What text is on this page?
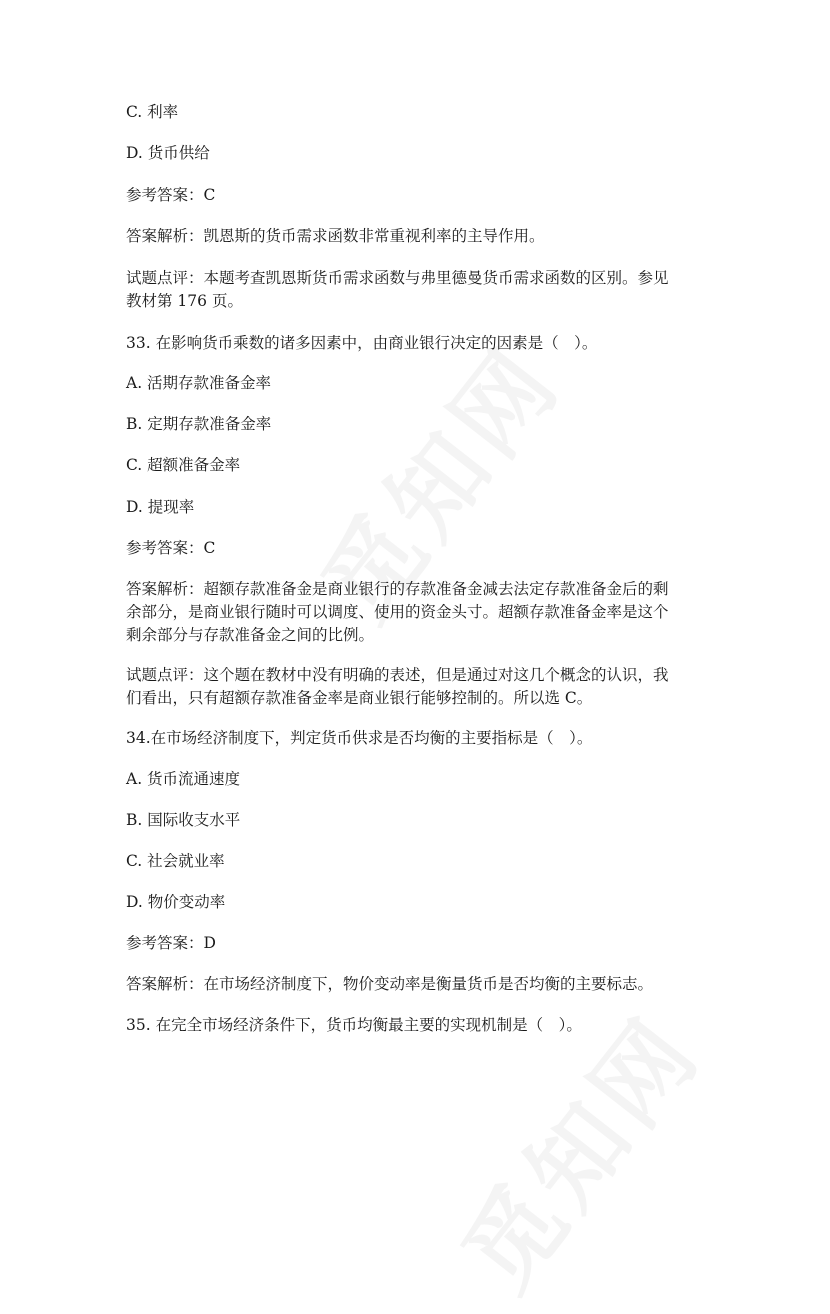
C. 利率
D. 货币供给
参考答案：C
答案解析：凯恩斯的货币需求函数非常重视利率的主导作用。
试题点评：本题考查凯恩斯货币需求函数与弗里德曼货币需求函数的区别。参见
教材第 176 页。
33. 在影响货币乘数的诸多因素中，由商业银行决定的因素是（　）。
A. 活期存款准备金率
B. 定期存款准备金率
C. 超额准备金率
D. 提现率
参考答案：C
答案解析：超额存款准备金是商业银行的存款准备金减去法定存款准备金后的剩
余部分，是商业银行随时可以调度、使用的资金头寸。超额存款准备金率是这个
剩余部分与存款准备金之间的比例。
试题点评：这个题在教材中没有明确的表述，但是通过对这几个概念的认识，我
们看出，只有超额存款准备金率是商业银行能够控制的。所以选 C。
34.在市场经济制度下，判定货币供求是否均衡的主要指标是（　）。
A. 货币流通速度
B. 国际收支水平
C. 社会就业率
D. 物价变动率
参考答案：D
答案解析：在市场经济制度下，物价变动率是衡量货币是否均衡的主要标志。
35. 在完全市场经济条件下，货币均衡最主要的实现机制是（　）。
